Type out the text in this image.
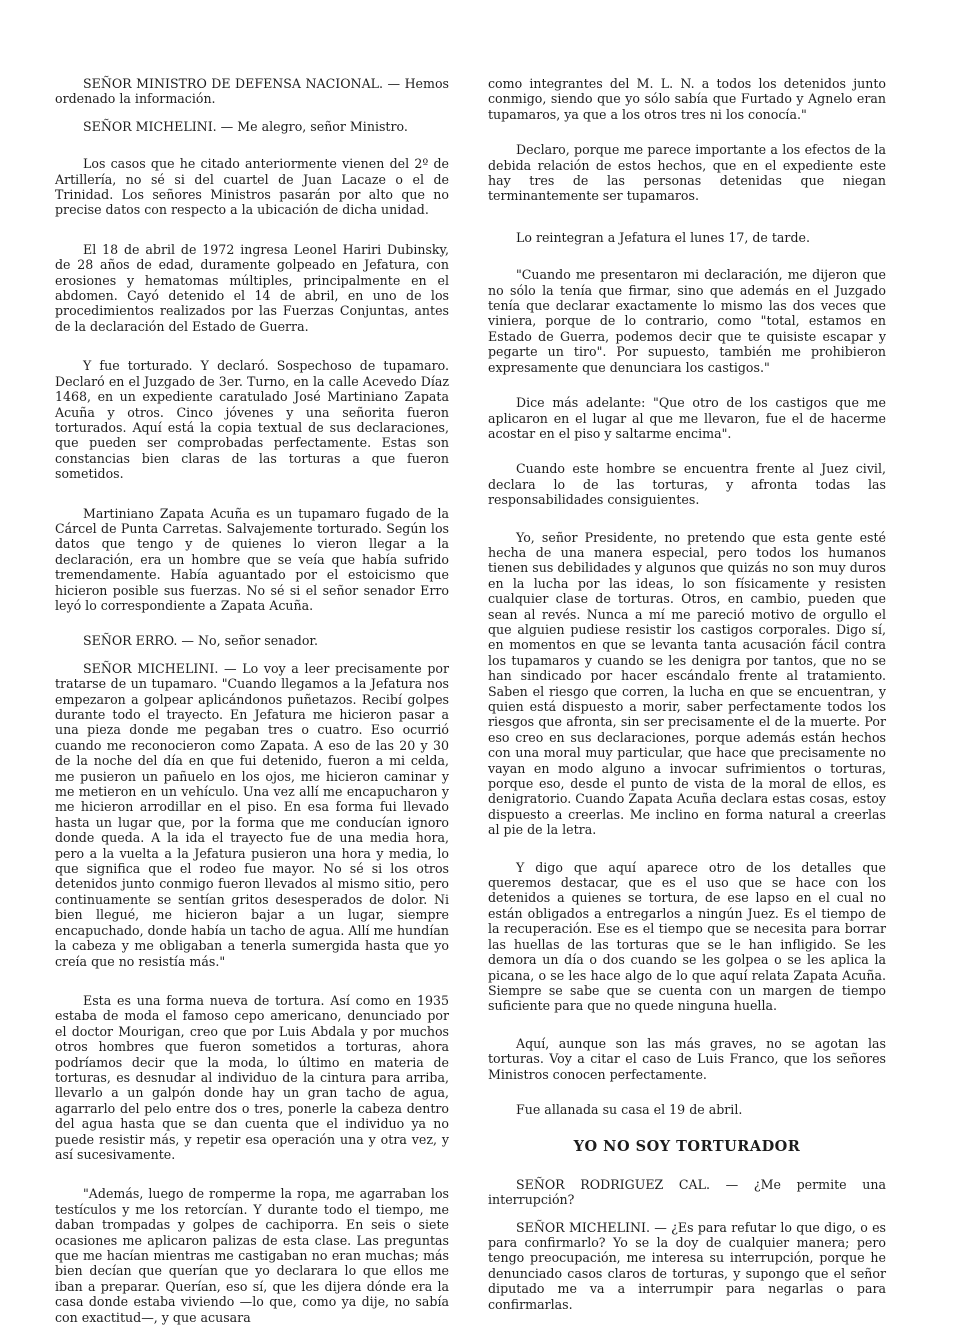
SEÑOR MINISTRO DE DEFENSA NACIONAL. — Hemos ordenado la información.

SEÑOR MICHELINI. — Me alegro, señor Ministro.

Los casos que he citado anteriormente vienen del 2º de Artillería, no sé si del cuartel de Juan Lacaze o el de Trinidad. Los señores Ministros pasarán por alto que no precise datos con respecto a la ubicación de dicha unidad.

El 18 de abril de 1972 ingresa Leonel Hariri Dubinsky, de 28 años de edad, duramente golpeado en Jefatura, con erosiones y hematomas múltiples, principalmente en el abdomen. Cayó detenido el 14 de abril, en uno de los procedimientos realizados por las Fuerzas Conjuntas, antes de la declaración del Estado de Guerra.

Y fue torturado. Y declaró. Sospechoso de tupamaro. Declaró en el Juzgado de 3er. Turno, en la calle Acevedo Díaz 1468, en un expediente caratulado José Martiniano Zapata Acuña y otros. Cinco jóvenes y una señorita fueron torturados. Aquí está la copia textual de sus declaraciones, que pueden ser comprobadas perfectamente. Estas son constancias bien claras de las torturas a que fueron sometidos.

Martiniano Zapata Acuña es un tupamaro fugado de la Cárcel de Punta Carretas. Salvajemente torturado. Según los datos que tengo y de quienes lo vieron llegar a la declaración, era un hombre que se veía que había sufrido tremendamente. Había aguantado por el estoicismo que hicieron posible sus fuerzas. No sé si el señor senador Erro leyó lo correspondiente a Zapata Acuña.

SEÑOR ERRO. — No, señor senador.

SEÑOR MICHELINI. — Lo voy a leer precisamente por tratarse de un tupamaro. "Cuando llegamos a la Jefatura nos empezaron a golpear aplicándonos puñetazos. Recibí golpes durante todo el trayecto. En Jefatura me hicieron pasar a una pieza donde me pegaban tres o cuatro. Eso ocurrió cuando me reconocieron como Zapata. A eso de las 20 y 30 de la noche del día en que fui detenido, fueron a mi celda, me pusieron un pañuelo en los ojos, me hicieron caminar y me metieron en un vehículo. Una vez allí me encapucharon y me hicieron arrodillar en el piso. En esa forma fui llevado hasta un lugar que, por la forma que me conducían ignoro donde queda. A la ida el trayecto fue de una media hora, pero a la vuelta a la Jefatura pusieron una hora y media, lo que significa que el rodeo fue mayor. No sé si los otros detenidos junto conmigo fueron llevados al mismo sitio, pero continuamente se sentían gritos desesperados de dolor. Ni bien llegué, me hicieron bajar a un lugar, siempre encapuchado, donde había un tacho de agua. Allí me hundían la cabeza y me obligaban a tenerla sumergida hasta que yo creía que no resistía más."

Esta es una forma nueva de tortura. Así como en 1935 estaba de moda el famoso cepo americano, denunciado por el doctor Mourigan, creo que por Luis Abdala y por muchos otros hombres que fueron sometidos a torturas, ahora podríamos decir que la moda, lo último en materia de torturas, es desnudar al individuo de la cintura para arriba, llevarlo a un galpón donde hay un gran tacho de agua, agarrarlo del pelo entre dos o tres, ponerle la cabeza dentro del agua hasta que se dan cuenta que el individuo ya no puede resistir más, y repetir esa operación una y otra vez, y así sucesivamente.

"Además, luego de romperme la ropa, me agarraban los testículos y me los retorcían. Y durante todo el tiempo, me daban trompadas y golpes de cachiporra. En seis o siete ocasiones me aplicaron palizas de esta clase. Las preguntas que me hacían mientras me castigaban no eran muchas; más bien decían que querían que yo declarara lo que ellos me iban a preparar. Querían, eso sí, que les dijera dónde era la casa donde estaba viviendo —lo que, como ya dije, no sabía con exactitud—, y que acusara

como integrantes del M. L. N. a todos los detenidos junto conmigo, siendo que yo sólo sabía que Furtado y Agnelo eran tupamaros, ya que a los otros tres ni los conocía."

Declaro, porque me parece importante a los efectos de la debida relación de estos hechos, que en el expediente este hay tres de las personas detenidas que niegan terminantemente ser tupamaros.

Lo reintegran a Jefatura el lunes 17, de tarde.

"Cuando me presentaron mi declaración, me dijeron que no sólo la tenía que firmar, sino que además en el Juzgado tenía que declarar exactamente lo mismo las dos veces que viniera, porque de lo contrario, como "total, estamos en Estado de Guerra, podemos decir que te quisiste escapar y pegarte un tiro". Por supuesto, también me prohibieron expresamente que denunciara los castigos."

Dice más adelante: "Que otro de los castigos que me aplicaron en el lugar al que me llevaron, fue el de hacerme acostar en el piso y saltarme encima".

Cuando este hombre se encuentra frente al Juez civil, declara lo de las torturas, y afronta todas las responsabilidades consiguientes.

Yo, señor Presidente, no pretendo que esta gente esté hecha de una manera especial, pero todos los humanos tienen sus debilidades y algunos que quizás no son muy duros en la lucha por las ideas, lo son físicamente y resisten cualquier clase de torturas. Otros, en cambio, pueden que sean al revés. Nunca a mí me pareció motivo de orgullo el que alguien pudiese resistir los castigos corporales. Digo sí, en momentos en que se levanta tanta acusación fácil contra los tupamaros y cuando se les denigra por tantos, que no se han sindicado por hacer escándalo frente al tratamiento. Saben el riesgo que corren, la lucha en que se encuentran, y quien está dispuesto a morir, saber perfectamente todos los riesgos que afronta, sin ser precisamente el de la muerte. Por eso creo en sus declaraciones, porque además están hechos con una moral muy particular, que hace que precisamente no vayan en modo alguno a invocar sufrimientos o torturas, porque eso, desde el punto de vista de la moral de ellos, es denigratorio. Cuando Zapata Acuña declara estas cosas, estoy dispuesto a creerlas. Me inclino en forma natural a creerlas al pie de la letra.

Y digo que aquí aparece otro de los detalles que queremos destacar, que es el uso que se hace con los detenidos a quienes se tortura, de ese lapso en el cual no están obligados a entregarlos a ningún Juez. Es el tiempo de la recuperación. Ese es el tiempo que se necesita para borrar las huellas de las torturas que se le han infligido. Se les demora un día o dos cuando se les golpea o se les aplica la picana, o se les hace algo de lo que aquí relata Zapata Acuña. Siempre se sabe que se cuenta con un margen de tiempo suficiente para que no quede ninguna huella.

Aquí, aunque son las más graves, no se agotan las torturas. Voy a citar el caso de Luis Franco, que los señores Ministros conocen perfectamente.

Fue allanada su casa el 19 de abril.

YO NO SOY TORTURADOR

SEÑOR RODRIGUEZ CAL. — ¿Me permite una interrupción?

SEÑOR MICHELINI. — ¿Es para refutar lo que digo, o es para confirmarlo? Yo se la doy de cualquier manera; pero tengo preocupación, me interesa su interrupción, porque he denunciado casos claros de torturas, y supongo que el señor diputado me va a interrumpir para negarlas o para confirmarlas.
